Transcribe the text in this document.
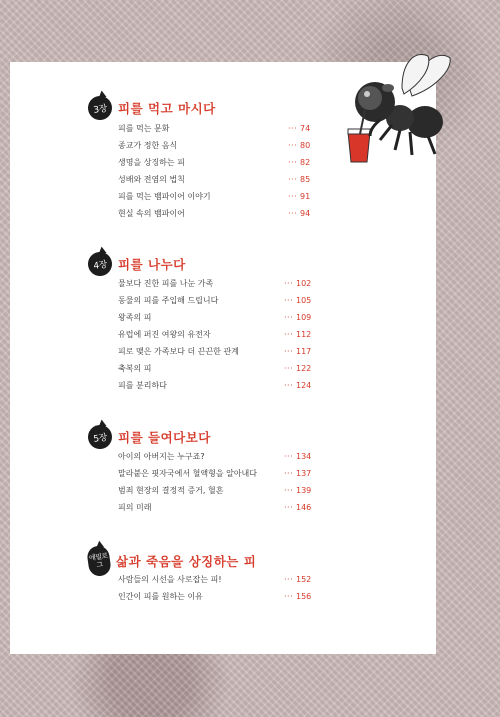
3장 피를 먹고 마시다
피를 먹는 문화	··· 74
종교가 정한 음식	··· 80
생명을 상징하는 피	··· 82
성배와 전염의 법칙	··· 85
피를 먹는 뱀파이어 이야기	··· 91
현실 속의 뱀파이어	··· 94
4장 피를 나누다
물보다 진한 피를 나눈 가족	··· 102
동물의 피를 주입해 드립니다	··· 105
왕족의 피	··· 109
유럽에 퍼진 여왕의 유전자	··· 112
피로 맺은 가족보다 더 끈끈한 관계	··· 117
축복의 피	··· 122
피를 분리하다	··· 124
5장 피를 들여다보다
아이의 아버지는 누구죠?	··· 134
말라붙은 핏자국에서 혈액형을 알아내다	··· 137
범죄 현장의 결정적 증거, 혈흔	··· 139
피의 미래	··· 146
에필로그	삶과 죽음을 상징하는 피
사람들의 시선을 사로잡는 피!	··· 152
인간이 피를 원하는 이유	··· 156
